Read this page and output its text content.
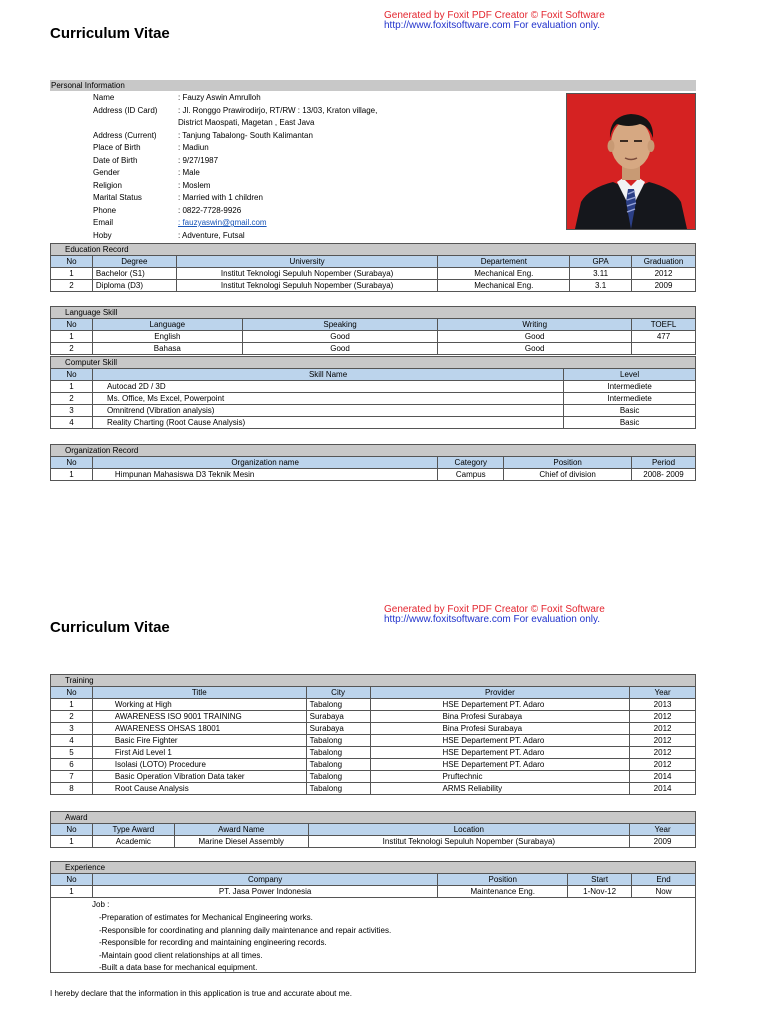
Generated by Foxit PDF Creator © Foxit Software
http://www.foxitsoftware.com For evaluation only.
Curriculum Vitae
Personal Information
Name	: Fauzy Aswin Amrulloh
Address (ID Card)	: Jl. Ronggo Prawirodirjo, RT/RW : 13/03, Kraton village,
District Maospati, Magetan , East Java
Address (Current)	: Tanjung Tabalong- South Kalimantan
Place of Birth	: Madiun
Date of Birth	: 9/27/1987
Gender	: Male
Religion	: Moslem
Marital Status	: Married with 1 children
Phone	: 0822-7728-9926
Email	: fauzyaswin@gmail.com
Hoby	: Adventure, Futsal
Education Record					
No	Degree	University	Departement	GPA	Graduation
1	Bachelor (S1)	Institut Teknologi Sepuluh Nopember (Surabaya)	Mechanical Eng.	3.11	2012
2	Diploma (D3)	Institut Teknologi Sepuluh Nopember (Surabaya)	Mechanical Eng.	3.1	2009
Language Skill				
No	Language	Speaking	Writing	TOEFL
1	English	Good	Good	477
2	Bahasa	Good	Good	
Computer Skill		
No	Skill Name	Level
1	Autocad 2D / 3D	Intermediete
2	Ms. Office, Ms Excel, Powerpoint	Intermediete
3	Omnitrend (Vibration analysis)	Basic
4	Reality Charting (Root Cause Analysis)	Basic
Organization Record				
No	Organization name	Category	Position	Period
1	Himpunan Mahasiswa D3 Teknik Mesin	Campus	Chief of division	2008- 2009
Generated by Foxit PDF Creator © Foxit Software
http://www.foxitsoftware.com For evaluation only.
Curriculum Vitae
Training				
No	Title	City	Provider	Year
1	Working at High	Tabalong	HSE Departement PT. Adaro	2013
2	AWARENESS ISO 9001 TRAINING	Surabaya	Bina Profesi Surabaya	2012
3	AWARENESS OHSAS 18001	Surabaya	Bina Profesi Surabaya	2012
4	Basic Fire Fighter	Tabalong	HSE Departement PT. Adaro	2012
5	First Aid Level 1	Tabalong	HSE Departement PT. Adaro	2012
6	Isolasi (LOTO) Procedure	Tabalong	HSE Departement PT. Adaro	2012
7	Basic Operation Vibration Data taker	Tabalong	Pruftechnic	2014
8	Root Cause Analysis	Tabalong	ARMS Reliability	2014
Award				
No	Type Award	Award Name	Location	Year
1	Academic	Marine Diesel Assembly	Institut Teknologi Sepuluh Nopember (Surabaya)	2009
Experience				
No	Company	Position	Start	End
1	PT. Jasa Power Indonesia	Maintenance Eng.	1-Nov-12	Now

Job :
-Preparation of estimates for Mechanical Engineering works.
-Responsible for coordinating and planning daily maintenance and repair activities.
-Responsible for recording and maintaining engineering records.
-Maintain good client relationships at all times.
-Built a data base for mechanical equipment.
I hereby declare that the information in this application is true and accurate about me.
